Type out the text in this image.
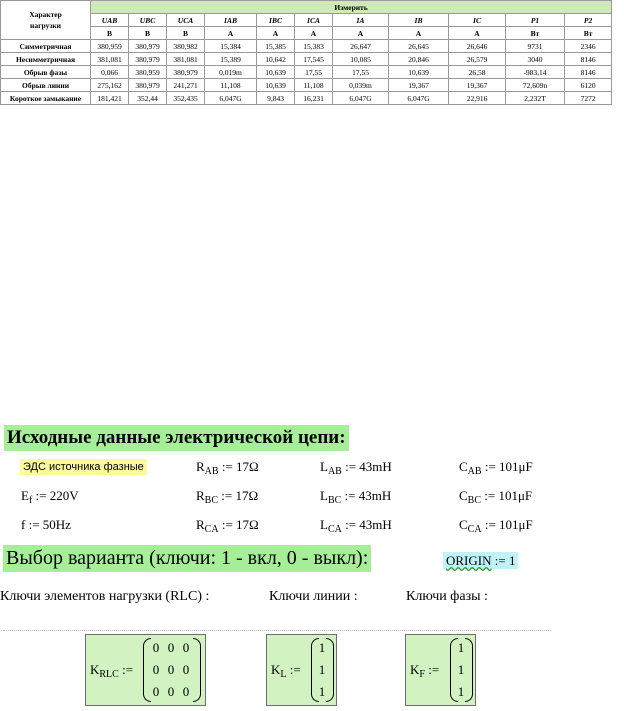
Характер
нагрузки	Измерить										
	UAB	UBC	UCA	IAB	IBC	ICA	IA	IB	IC	P1	P2
	В	В	В	А	А	А	А	А	А	Вт	Вт
Симметричная	380,959	380,979	380,982	15,384	15,385	15,383	26,647	26,645	26,646	9731	2346
Несимметричная	381,081	380,979	381,081	15,389	10,642	17,545	10,085	20,846	26,579	3040	8146
Обрыв фазы	0,066	380,959	380,979	0,019m	10,639	17,55	17,55	10,639	26,58	-983,14	8146
Обрыв линии	275,162	380,979	241,271	11,108	10,639	11,108	0,039m	19,367	19,367	72,609n	6120
Короткое замыкание	181,421	352,44	352,435	6,047G	9,843	16,231	6,047G	6,047G	22,916	2,232T	7272
Исходные данные электрической цепи:
ЭДС источника фазные
$E_f$ := 220V
f := 50Hz
$R_{AB}$ := 17Ω
$R_{BC}$ := 17Ω
$R_{CA}$ := 17Ω
$L_{AB}$ := 43mH
$L_{BC}$ := 43mH
$L_{CA}$ := 43mH
$C_{AB}$ := 101μF
$C_{BC}$ := 101μF
$C_{CA}$ := 101μF
Выбор варианта (ключи: 1 - вкл, 0 - выкл):	ORIGIN := 1
Ключи элементов нагрузки (RLC) :	Ключи линии :	Ключи фазы :
$K_{RLC}$ :=
0 0 0
0 0 0
0 0 0
$K_L$ :=
1
1
1
$K_F$ :=
1
1
1
